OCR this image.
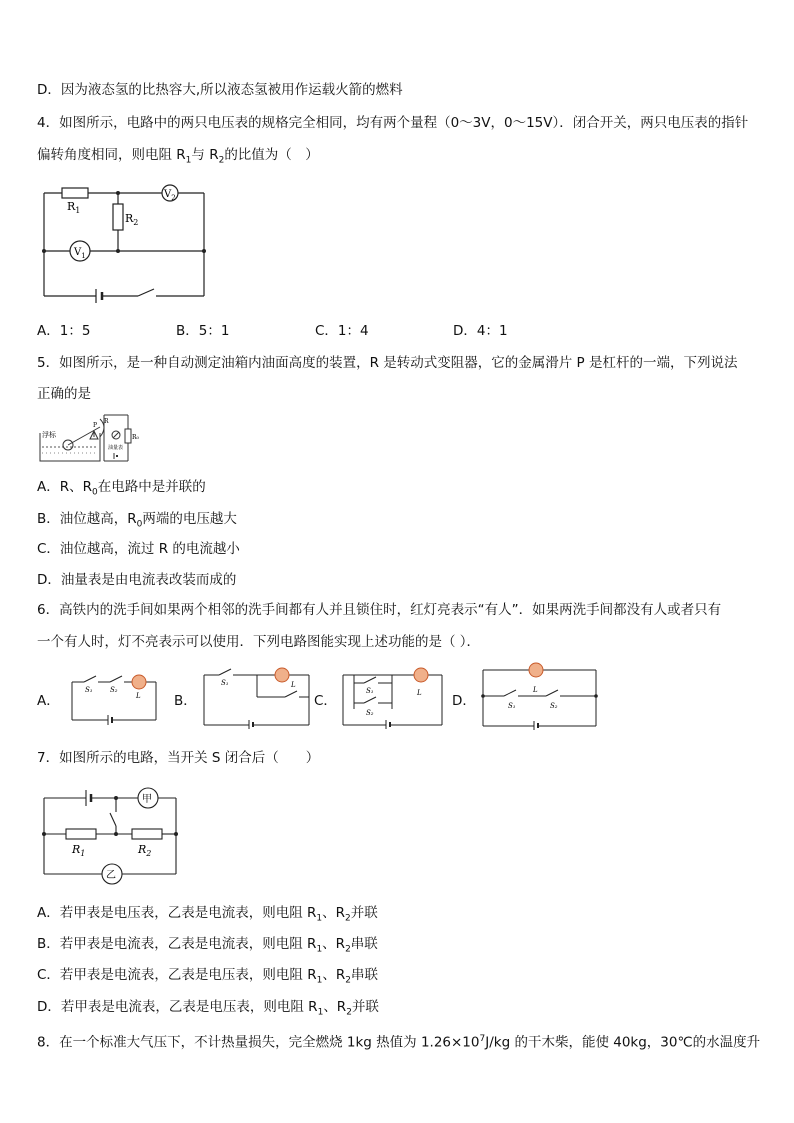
D．因为液态氢的比热容大,所以液态氢被用作运载火箭的燃料
4．如图所示，电路中的两只电压表的规格完全相同，均有两个量程（0～3V，0～15V）．闭合开关，两只电压表的指针
偏转角度相同，则电阻 $R_1$与 $R_2$的比值为（　）
$R_1$
$R_2$
$V_2$
$V_1$
A．1：5	B．5：1	C．1：4	D．4：1
5．如图所示，是一种自动测定油箱内油面高度的装置，R 是转动式变阻器，它的金属滑片 P 是杠杆的一端，下列说法
正确的是
浮标
R
P
油量表
R₀
A．R、$R_0$在电路中是并联的
B．油位越高，$R_0$两端的电压越大
C．油位越高，流过 R 的电流越小
D．油量表是由电流表改装而成的
6．高铁内的洗手间如果两个相邻的洗手间都有人并且锁住时，红灯亮表示“有人”．如果两洗手间都没有人或者只有
一个有人时，灯不亮表示可以使用．下列电路图能实现上述功能的是（ ）．
A．	B．	C．	D．
S₁ S₂
L
S₁	L
S₁
S₂
L
S₁	S₂
L
7．如图所示的电路，当开关 S 闭合后（　　）
甲
乙
$R_1$	$R_2$
A．若甲表是电压表，乙表是电流表，则电阻 $R_1$、$R_2$并联
B．若甲表是电流表，乙表是电流表，则电阻 $R_1$、$R_2$串联
C．若甲表是电流表，乙表是电压表，则电阻 $R_1$、$R_2$串联
D．若甲表是电流表，乙表是电压表，则电阻 $R_1$、$R_2$并联
8．在一个标准大气压下，不计热量损失，完全燃烧 1kg 热值为 $1.26\times 10^7J/kg$ 的干木柴，能使 40kg，30℃的水温度升
